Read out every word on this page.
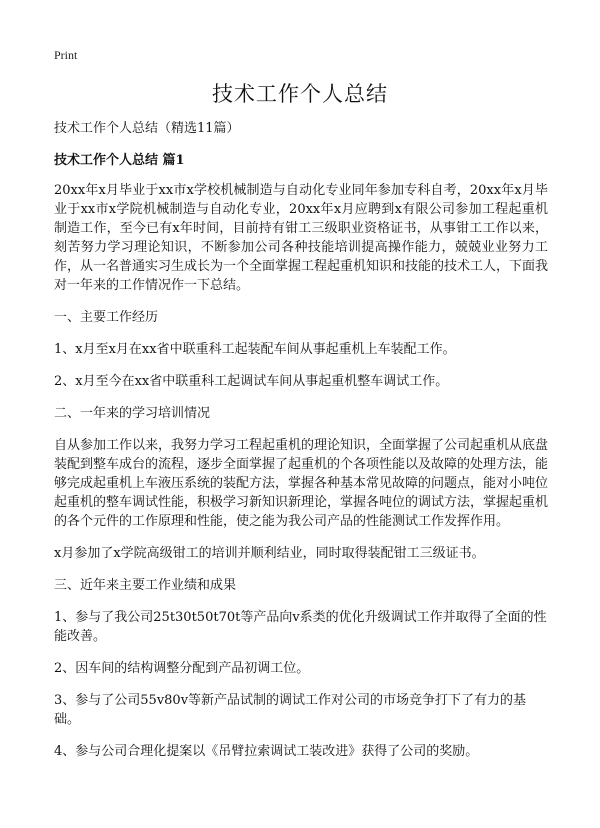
Print
技术工作个人总结

技术工作个人总结（精选11篇）

技术工作个人总结 篇1

20xx年x月毕业于xx市x学校机械制造与自动化专业同年参加专科自考，20xx年x月毕业于xx市x学院机械制造与自动化专业，20xx年x月应聘到x有限公司参加工程起重机制造工作，至今已有x年时间，目前持有钳工三级职业资格证书，从事钳工工作以来，刻苦努力学习理论知识，不断参加公司各种技能培训提高操作能力，兢兢业业努力工作，从一名普通实习生成长为一个全面掌握工程起重机知识和技能的技术工人，下面我对一年来的工作情况作一下总结。

一、主要工作经历

1、x月至x月在xx省中联重科工起装配车间从事起重机上车装配工作。

2、x月至今在xx省中联重科工起调试车间从事起重机整车调试工作。

二、一年来的学习培训情况

自从参加工作以来，我努力学习工程起重机的理论知识，全面掌握了公司起重机从底盘装配到整车成台的流程，逐步全面掌握了起重机的个各项性能以及故障的处理方法，能够完成起重机上车液压系统的装配方法，掌握各种基本常见故障的问题点，能对小吨位起重机的整车调试性能，积极学习新知识新理论，掌握各吨位的调试方法，掌握起重机的各个元件的工作原理和性能，使之能为我公司产品的性能测试工作发挥作用。

x月参加了x学院高级钳工的培训并顺利结业，同时取得装配钳工三级证书。

三、近年来主要工作业绩和成果

1、参与了我公司25t30t50t70t等产品向v系类的优化升级调试工作并取得了全面的性能改善。

2、因车间的结构调整分配到产品初调工位。

3、参与了公司55v80v等新产品试制的调试工作对公司的市场竞争打下了有力的基础。

4、参与公司合理化提案以《吊臂拉索调试工装改进》获得了公司的奖励。
